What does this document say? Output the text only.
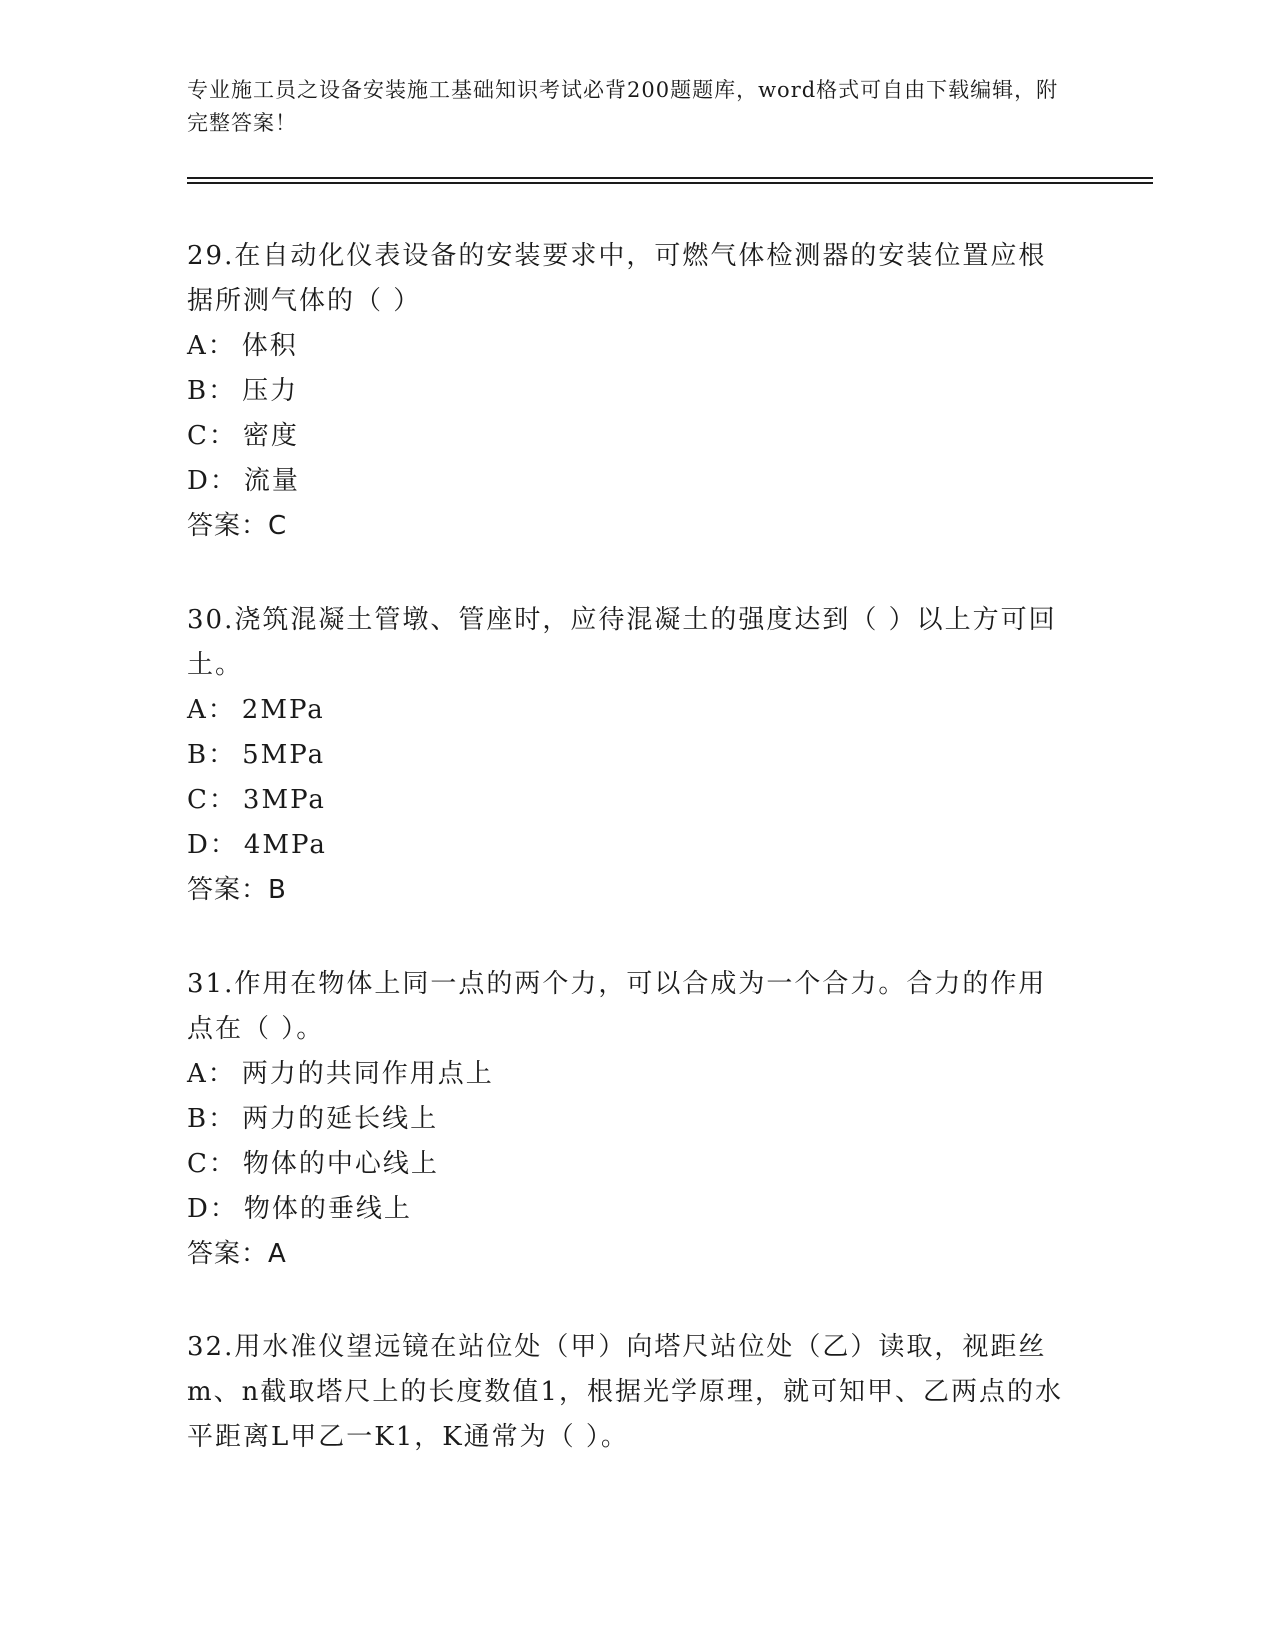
专业施工员之设备安装施工基础知识考试必背200题题库，word格式可自由下载编辑，附完整答案！

29.在自动化仪表设备的安装要求中，可燃气体检测器的安装位置应根据所测气体的（ ）

A： 体积

B： 压力

C： 密度

D： 流量

答案：C

30.浇筑混凝土管墩、管座时，应待混凝土的强度达到（ ）以上方可回土。

A： 2MPa

B： 5MPa

C： 3MPa

D： 4MPa

答案：B

31.作用在物体上同一点的两个力，可以合成为一个合力。合力的作用点在（ ）。

A： 两力的共同作用点上

B： 两力的延长线上

C： 物体的中心线上

D： 物体的垂线上

答案：A

32.用水准仪望远镜在站位处（甲）向塔尺站位处（乙）读取，视距丝m、n截取塔尺上的长度数值1，根据光学原理，就可知甲、乙两点的水平距离L甲乙一K1，K通常为（ ）。
